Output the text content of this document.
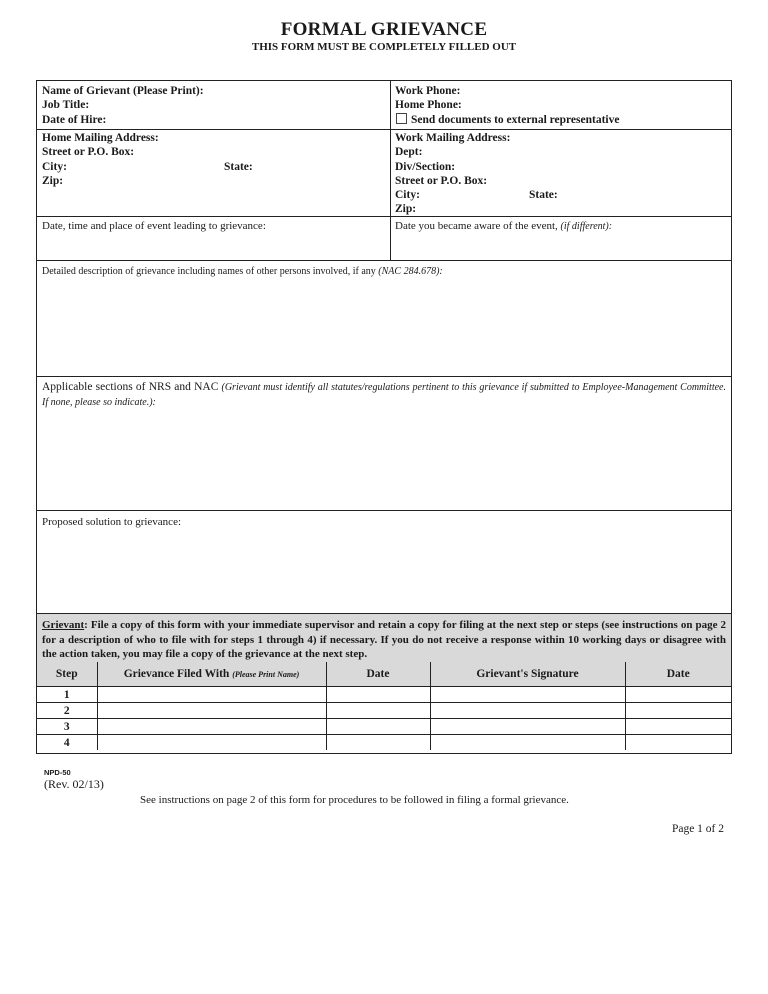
FORMAL GRIEVANCE
THIS FORM MUST BE COMPLETELY FILLED OUT
Name of Grievant (Please Print):
Job Title:
Date of Hire:
Work Phone:
Home Phone:
Send documents to external representative
Home Mailing Address:
Street or P.O. Box:
City:	State:
Zip:
Work Mailing Address:
Dept:
Div/Section:
Street or P.O. Box:
City:	State:
Zip:
Date, time and place of event leading to grievance:	Date you became aware of the event, (if different):
Detailed description of grievance including names of other persons involved, if any (NAC 284.678):
Applicable sections of NRS and NAC (Grievant must identify all statutes/regulations pertinent to this grievance if submitted to Employee-Management Committee. If none, please so indicate.):
Proposed solution to grievance:
Grievant: File a copy of this form with your immediate supervisor and retain a copy for filing at the next step or steps (see instructions on page 2 for a description of who to file with for steps 1 through 4) if necessary. If you do not receive a response within 10 working days or disagree with the action taken, you may file a copy of the grievance at the next step.
Step	Grievance Filed With (Please Print Name)	Date	Grievant's Signature	Date
1				
2				
3				
4				
NPD-50
(Rev. 02/13)
See instructions on page 2 of this form for procedures to be followed in filing a formal grievance.
Page 1 of 2
